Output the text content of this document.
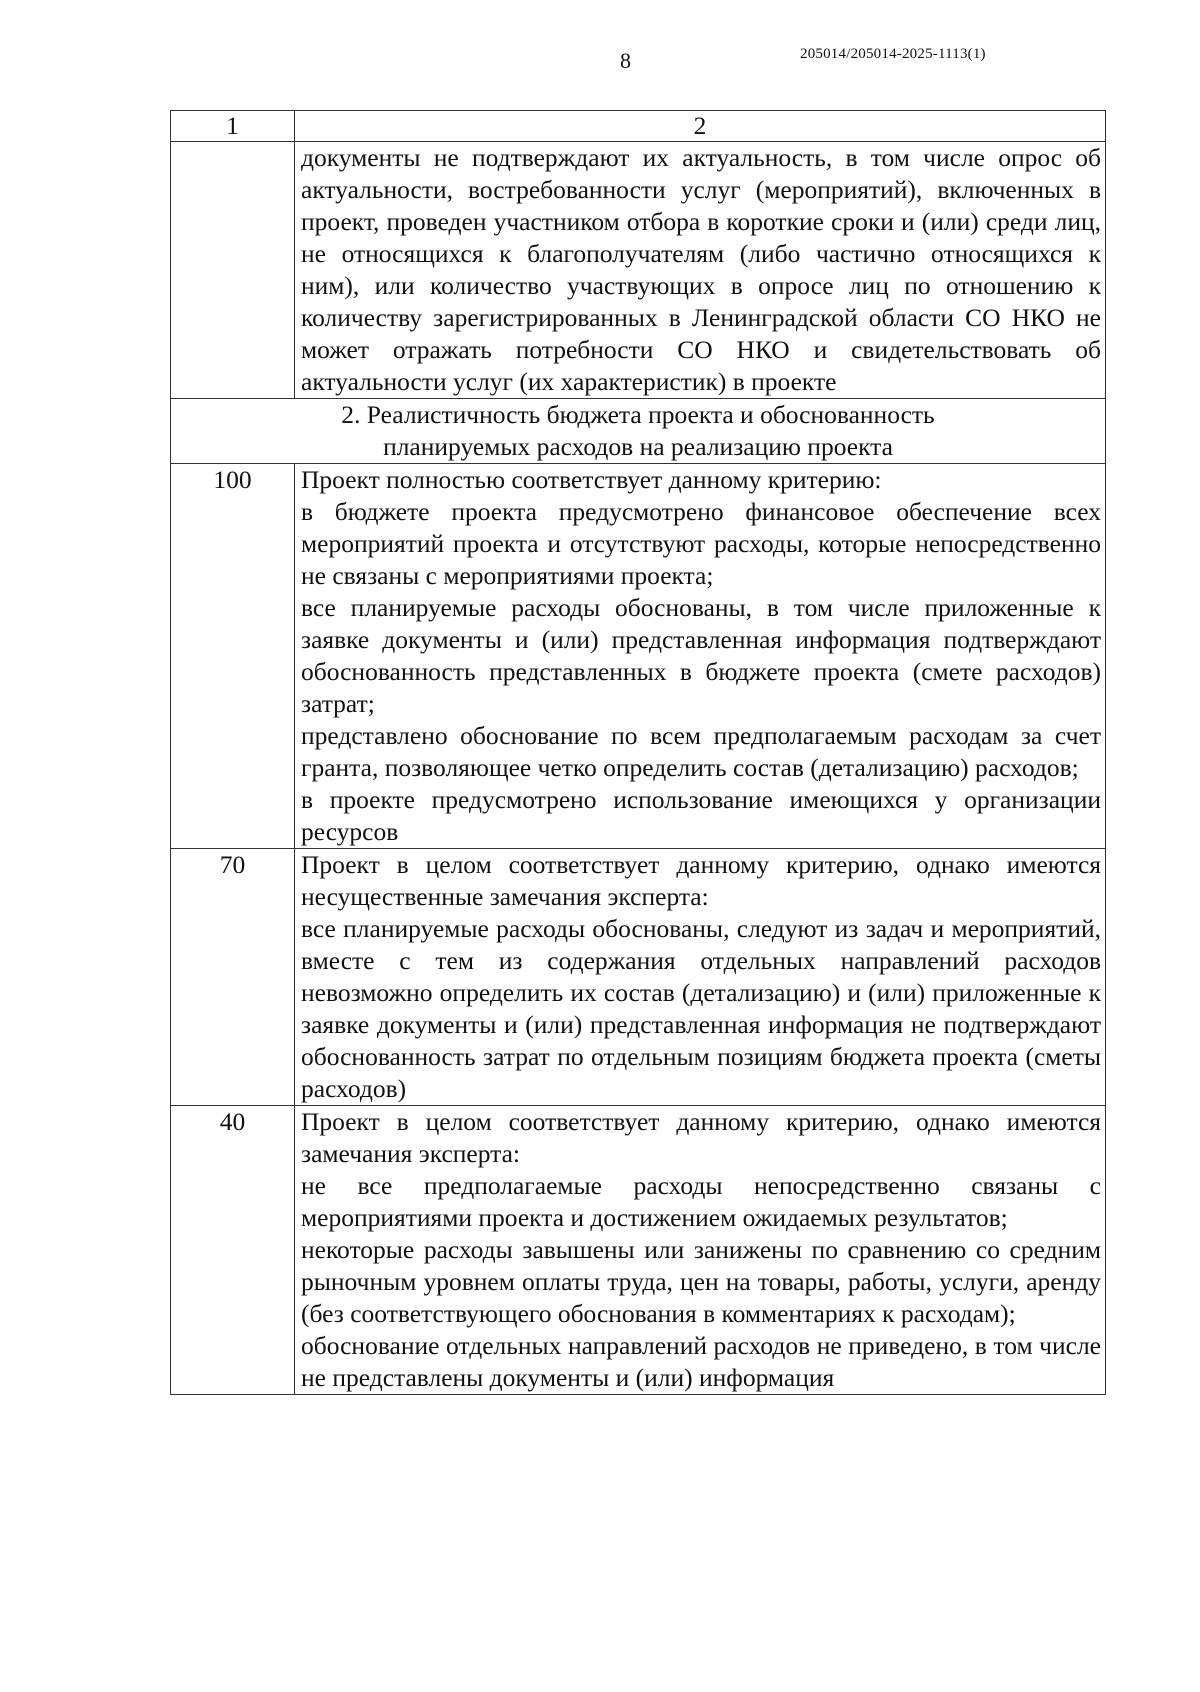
8	205014/205014-2025-1113(1)
1	2

	документы не подтверждают их актуальность, в том числе опрос об актуальности, востребованности услуг (мероприятий), включенных в проект, проведен участником отбора в короткие сроки и (или) среди лиц, не относящихся к благополучателям (либо частично относящихся к ним), или количество участвующих в опросе лиц по отношению к количеству зарегистрированных в Ленинградской области СО НКО не может отражать потребности СО НКО и свидетельствовать об актуальности услуг (их характеристик) в проекте

2. Реалистичность бюджета проекта и обоснованность
планируемых расходов на реализацию проекта	

100	Проект полностью соответствует данному критерию:
в бюджете проекта предусмотрено финансовое обеспечение всех мероприятий проекта и отсутствуют расходы, которые непосредственно не связаны с мероприятиями проекта;
все планируемые расходы обоснованы, в том числе приложенные к заявке документы и (или) представленная информация подтверждают обоснованность представленных в бюджете проекта (смете расходов) затрат;
представлено обоснование по всем предполагаемым расходам за счет гранта, позволяющее четко определить состав (детализацию) расходов;
в проекте предусмотрено использование имеющихся у организации ресурсов

70	Проект в целом соответствует данному критерию, однако имеются несущественные замечания эксперта:
все планируемые расходы обоснованы, следуют из задач и мероприятий, вместе с тем из содержания отдельных направлений расходов невозможно определить их состав (детализацию) и (или) приложенные к заявке документы и (или) представленная информация не подтверждают обоснованность затрат по отдельным позициям бюджета проекта (сметы расходов)

40	Проект в целом соответствует данному критерию, однако имеются замечания эксперта:
не все предполагаемые расходы непосредственно связаны с мероприятиями проекта и достижением ожидаемых результатов;
некоторые расходы завышены или занижены по сравнению со средним рыночным уровнем оплаты труда, цен на товары, работы, услуги, аренду (без соответствующего обоснования в комментариях к расходам);
обоснование отдельных направлений расходов не приведено, в том числе не представлены документы и (или) информация
